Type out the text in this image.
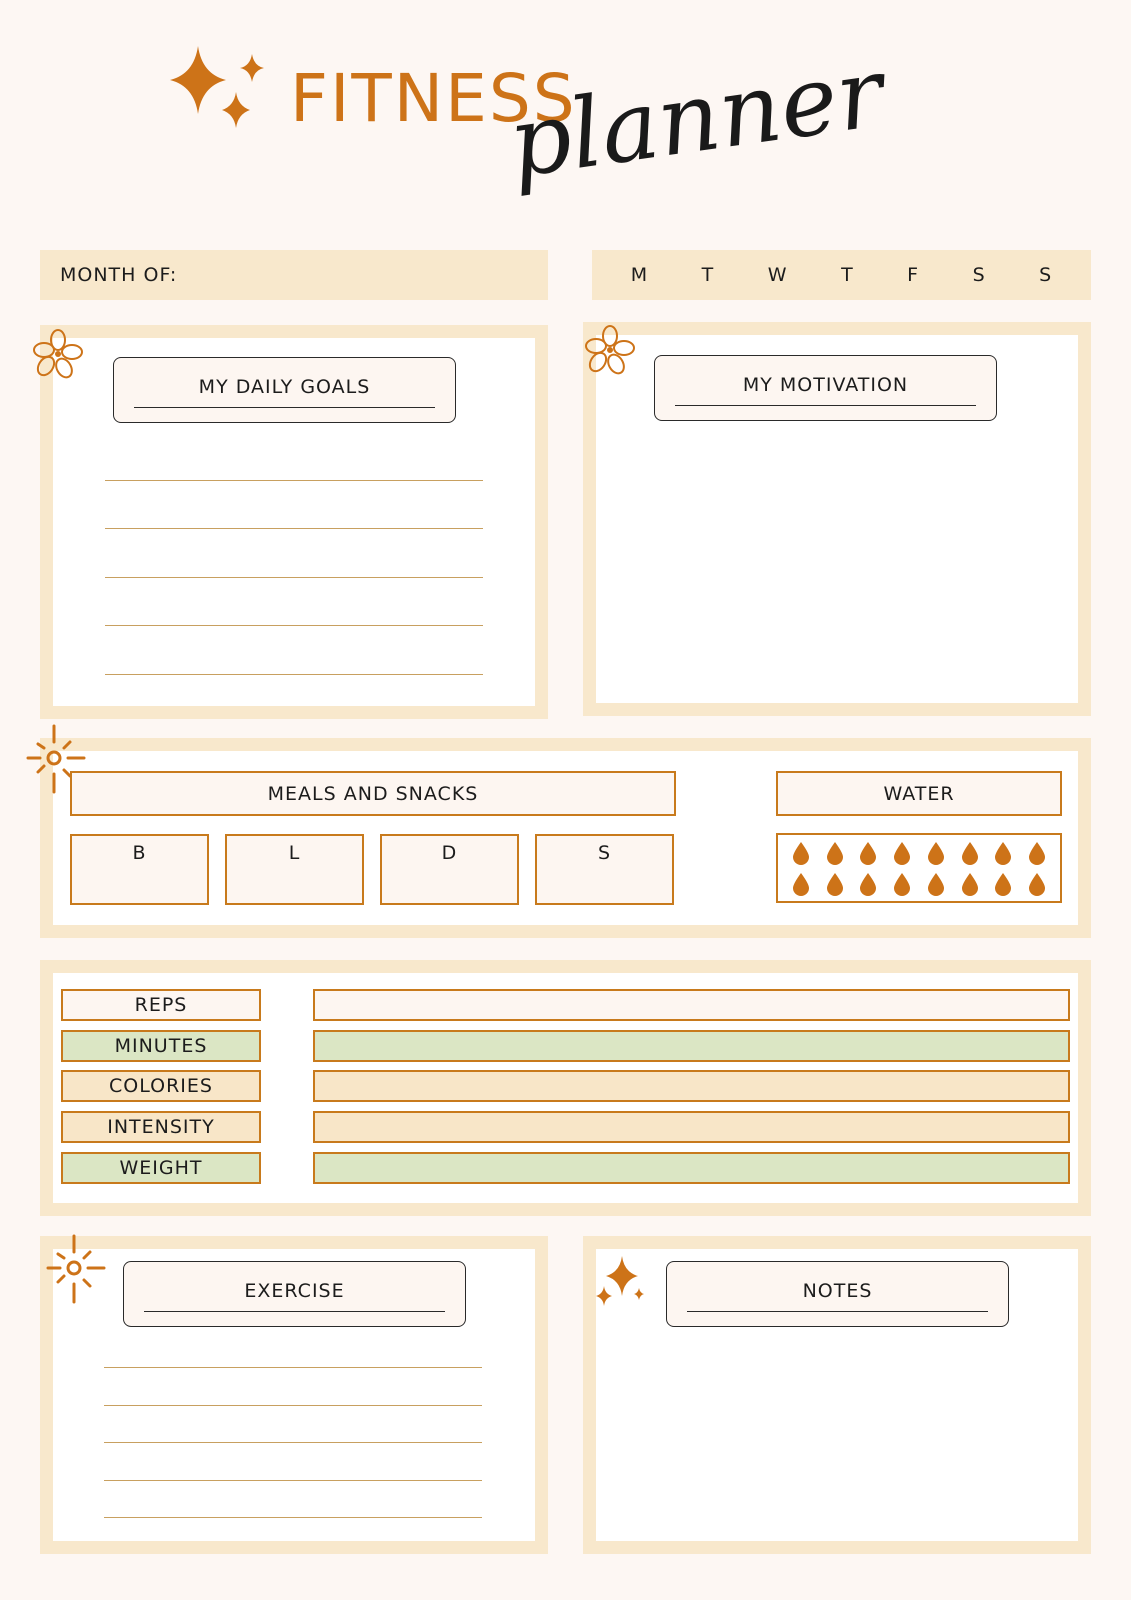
FITNESS
planner
MONTH OF:	M	T	W	T	F	S	S
MY DAILY GOALS	MY MOTIVATION
MEALS AND SNACKS
B	L	D	S
WATER
REPS
MINUTES
COLORIES
INTENSITY
WEIGHT
EXERCISE	NOTES
